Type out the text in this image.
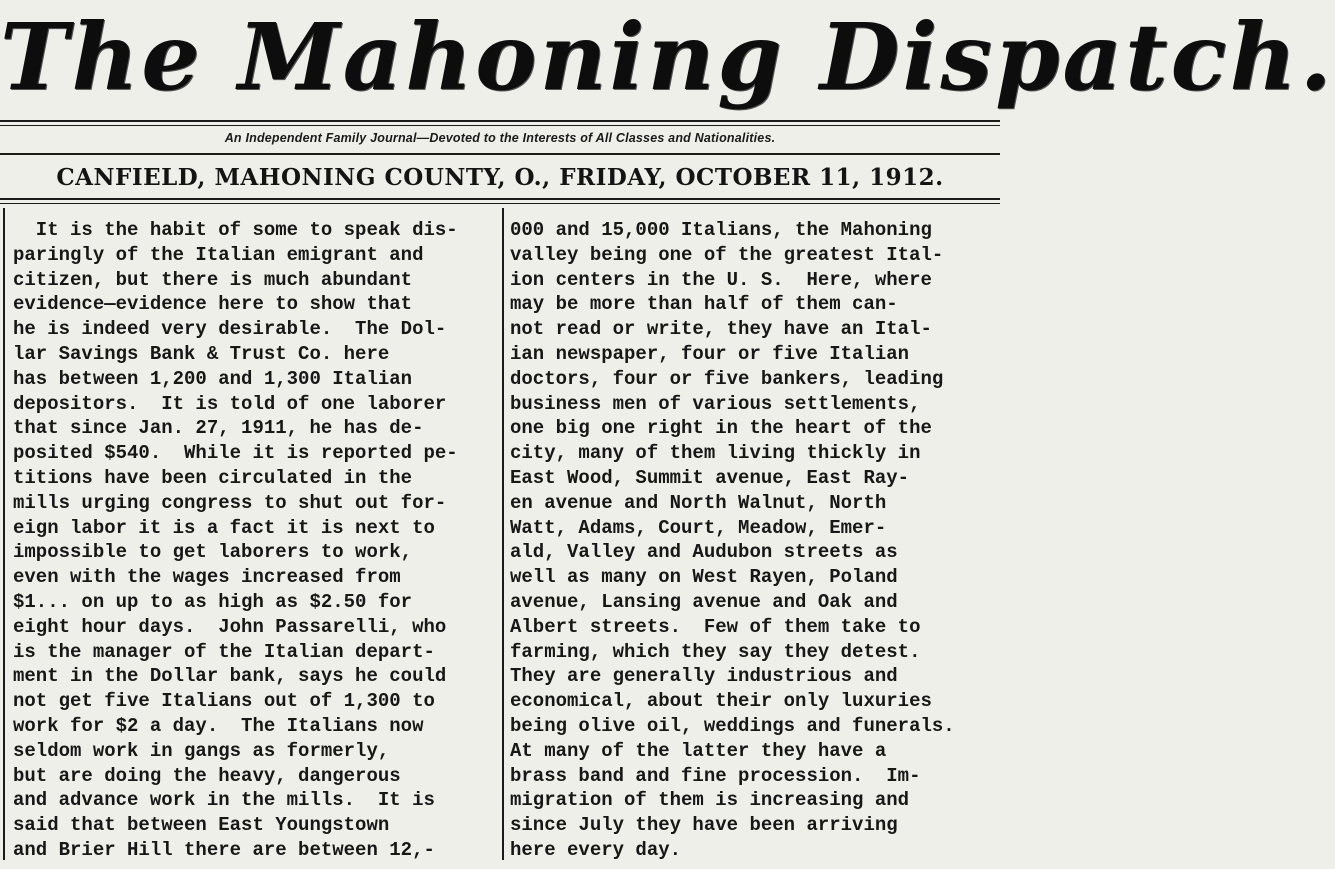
The Mahoning Dispatch.
An Independent Family Journal—Devoted to the Interests of All Classes and Nationalities.
CANFIELD, MAHONING COUNTY, O., FRIDAY, OCTOBER 11, 1912.
It is the habit of some to speak dis-
paringly of the Italian emigrant and
citizen, but there is much abundant
evidence—evidence here to show that
he is indeed very desirable.  The Dol-
lar Savings Bank & Trust Co. here
has between 1,200 and 1,300 Italian
depositors.  It is told of one laborer
that since Jan. 27, 1911, he has de-
posited $540.  While it is reported pe-
titions have been circulated in the
mills urging congress to shut out for-
eign labor it is a fact it is next to
impossible to get laborers to work,
even with the wages increased from
$1... on up to as high as $2.50 for
eight hour days.  John Passarelli, who
is the manager of the Italian depart-
ment in the Dollar bank, says he could
not get five Italians out of 1,300 to
work for $2 a day.  The Italians now
seldom work in gangs as formerly,
but are doing the heavy, dangerous
and advance work in the mills.  It is
said that between East Youngstown
and Brier Hill there are between 12,-
000 and 15,000 Italians, the Mahoning
valley being one of the greatest Ital-
ion centers in the U. S.  Here, where
may be more than half of them can-
not read or write, they have an Ital-
ian newspaper, four or five Italian
doctors, four or five bankers, leading
business men of various settlements,
one big one right in the heart of the
city, many of them living thickly in
East Wood, Summit avenue, East Ray-
en avenue and North Walnut, North
Watt, Adams, Court, Meadow, Emer-
ald, Valley and Audubon streets as
well as many on West Rayen, Poland
avenue, Lansing avenue and Oak and
Albert streets.  Few of them take to
farming, which they say they detest.
They are generally industrious and
economical, about their only luxuries
being olive oil, weddings and funerals.
At many of the latter they have a
brass band and fine procession.  Im-
migration of them is increasing and
since July they have been arriving
here every day.
